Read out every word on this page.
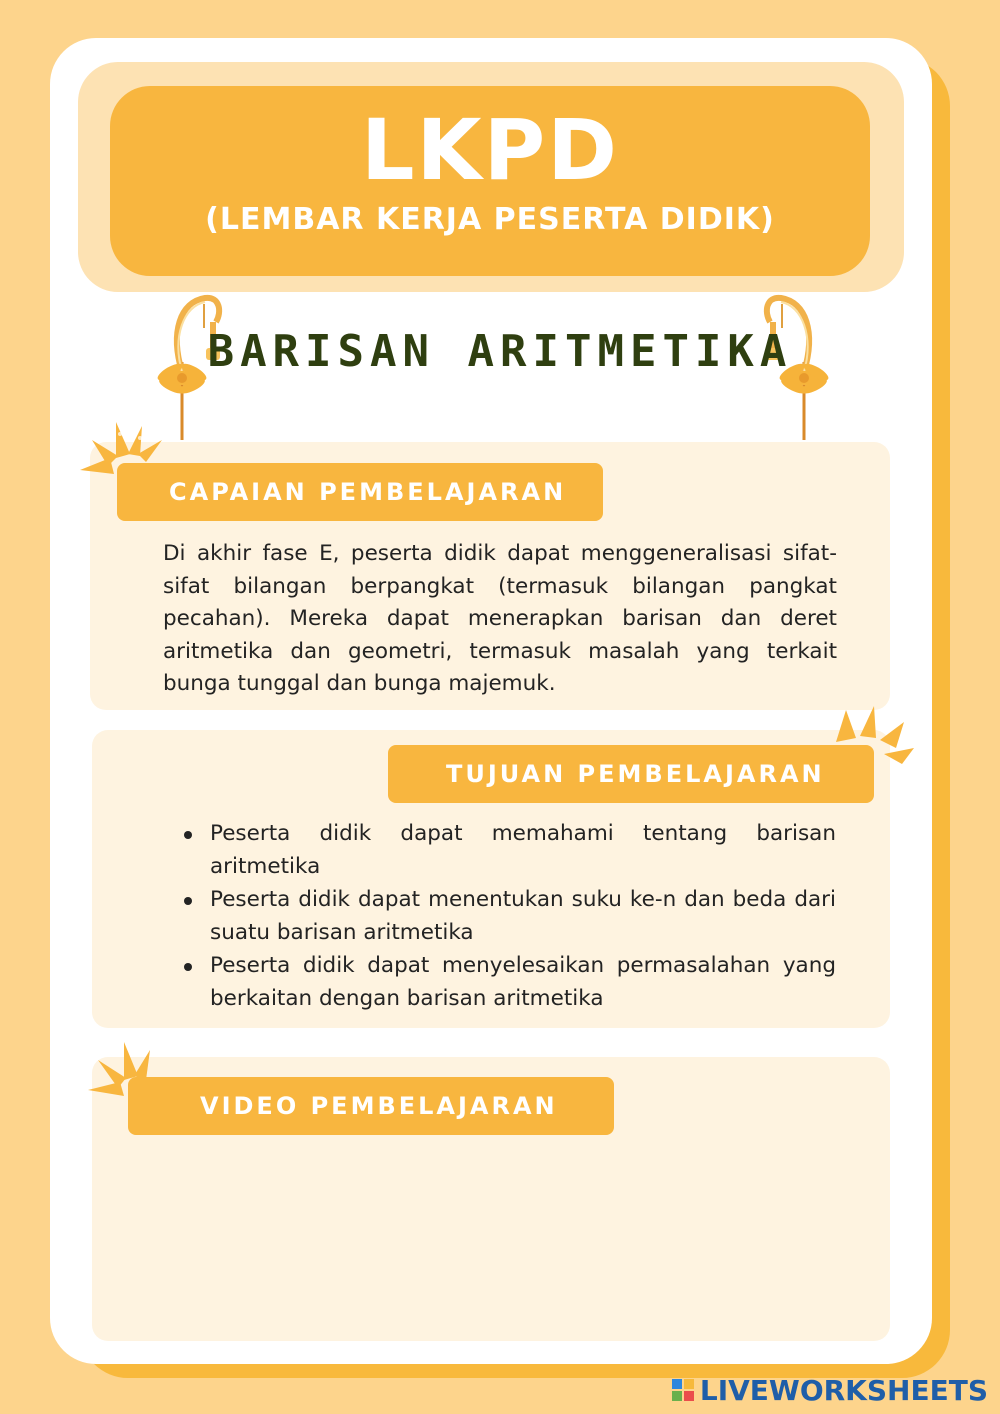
LKPD
(LEMBAR KERJA PESERTA DIDIK)
BARISAN ARITMETIKA
CAPAIAN PEMBELAJARAN
Di akhir fase E, peserta didik dapat menggeneralisasi sifat-sifat bilangan berpangkat (termasuk bilangan pangkat pecahan). Mereka dapat menerapkan barisan dan deret aritmetika dan geometri, termasuk masalah yang terkait bunga tunggal dan bunga majemuk.
TUJUAN PEMBELAJARAN
Peserta didik dapat memahami tentang barisan aritmetika
Peserta didik dapat menentukan suku ke-n dan beda dari suatu barisan aritmetika
Peserta didik dapat menyelesaikan permasalahan yang berkaitan dengan barisan aritmetika
VIDEO PEMBELAJARAN
LIVEWORKSHEETS
